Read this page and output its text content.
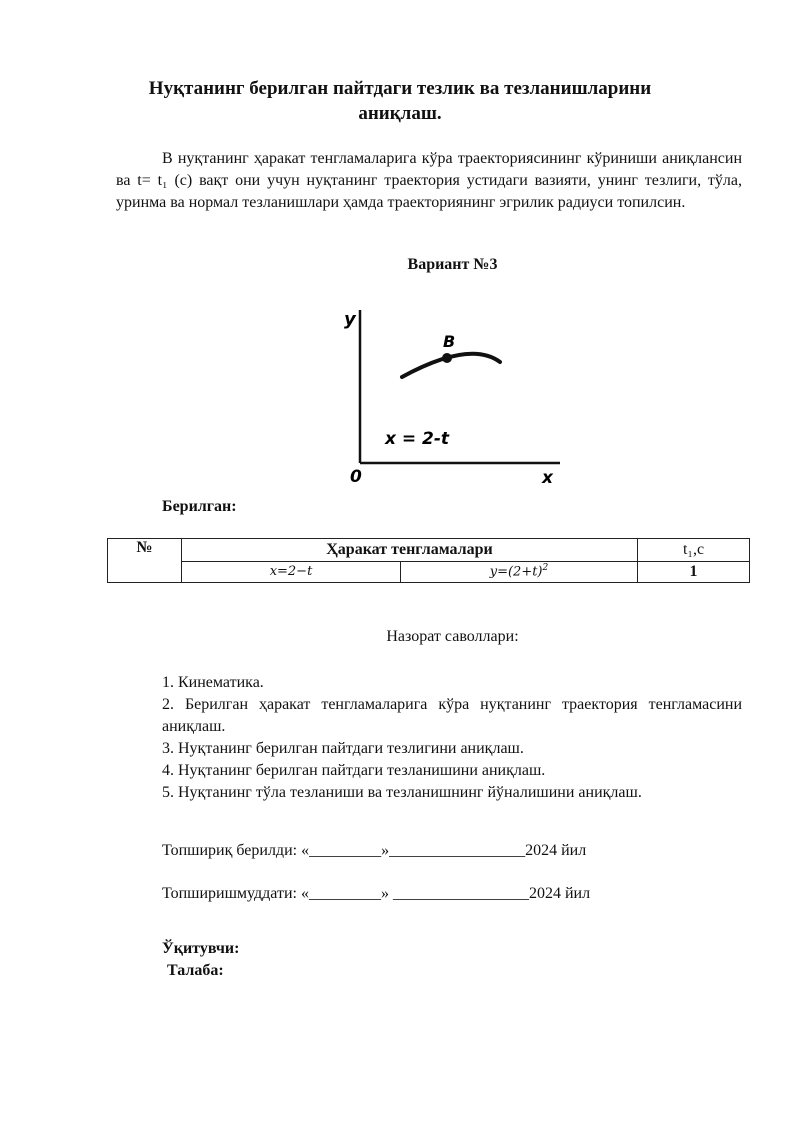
Нуқтанинг берилган пайтдаги тезлик ва тезланишларини аниқлаш.
В нуқтанинг ҳаракат тенгламаларига кўра траекториясининг кўриниши аниқлансин ва t= t₁ (c) вақт они учун нуқтанинг траектория устидаги вазияти, унинг тезлиги, тўла, уринма ва нормал тезланишлари ҳамда траекториянинг эгрилик радиуси топилсин.
Вариант №3
y
B
x = 2-t
0	x
Берилган:
№	Ҳаракат тенгламалари		t₁,c
	x=2−t	$y=(2+t)^2$	1
Назорат саволлари:
1. Кинематика.
2. Берилган ҳаракат тенгламаларига кўра нуқтанинг траектория тенгламасини аниқлаш.
3. Нуқтанинг берилган пайтдаги тезлигини аниқлаш.
4. Нуқтанинг берилган пайтдаги тезланишини аниқлаш.
5. Нуқтанинг тўла тезланиши ва тезланишнинг йўналишини аниқлаш.
Топшириқ берилди: «_________»_________________2024 йил
Топширишмуддати: «_________» _________________2024 йил
Ўқитувчи:
Талаба:
